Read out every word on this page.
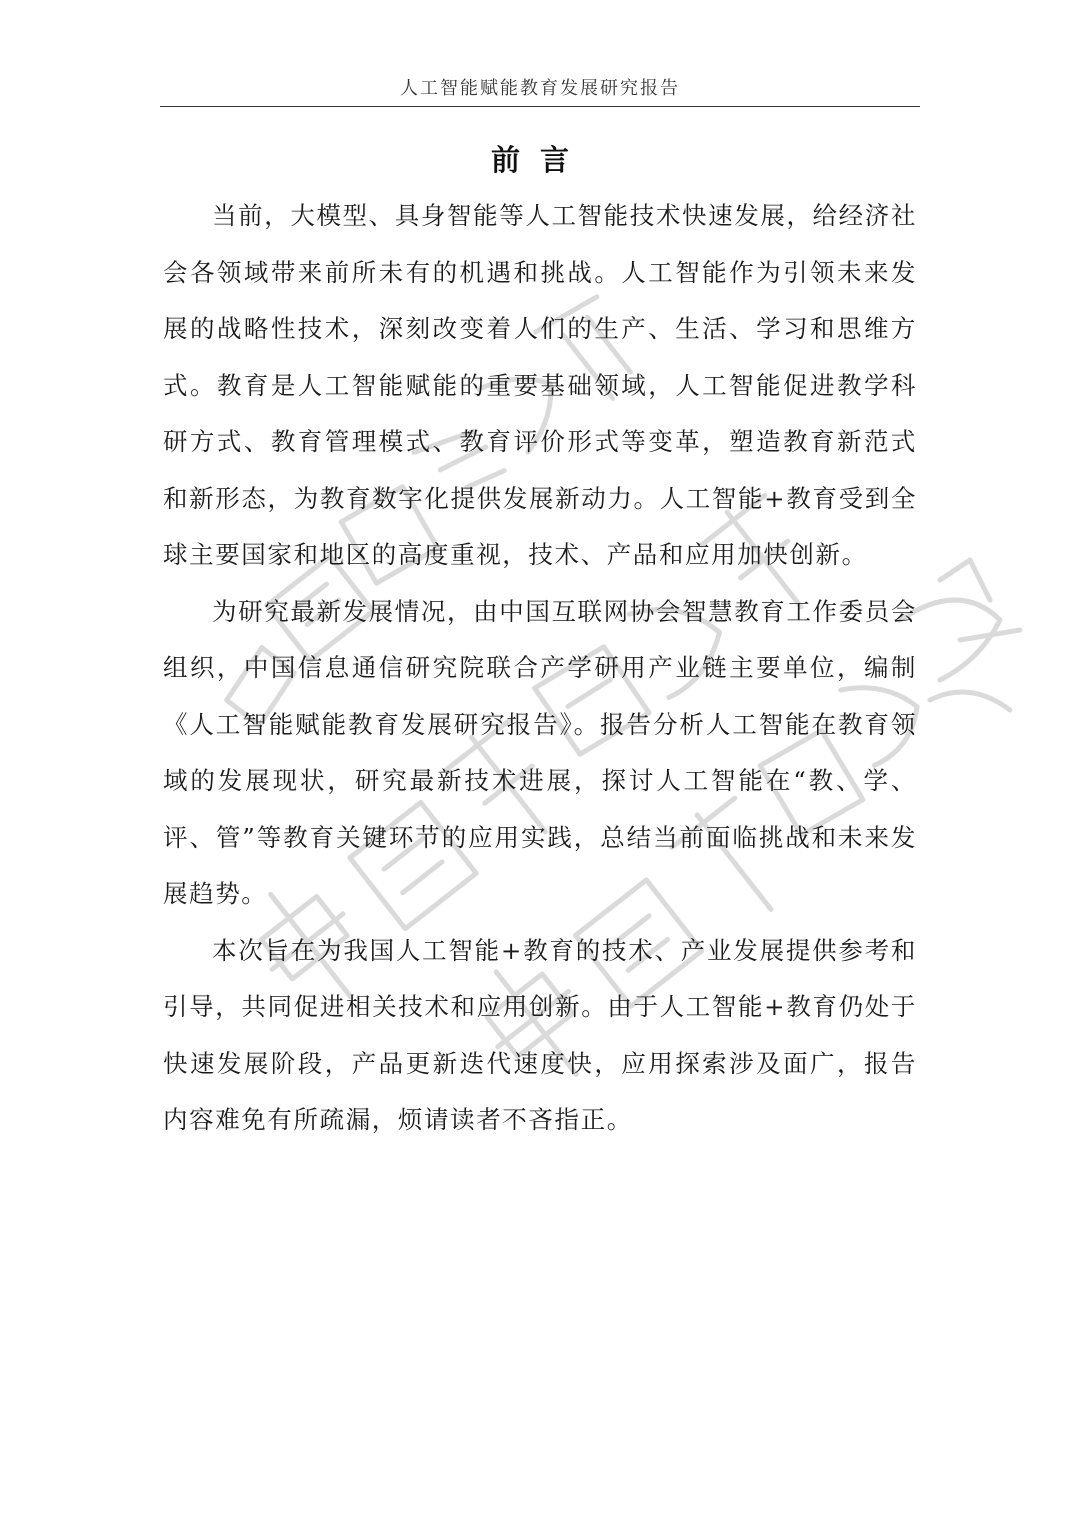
人工智能赋能教育发展研究报告
前言

当前，大模型、具身智能等人工智能技术快速发展，给经济社会各领域带来前所未有的机遇和挑战。人工智能作为引领未来发展的战略性技术，深刻改变着人们的生产、生活、学习和思维方式。教育是人工智能赋能的重要基础领域，人工智能促进教学科研方式、教育管理模式、教育评价形式等变革，塑造教育新范式和新形态，为教育数字化提供发展新动力。人工智能+教育受到全球主要国家和地区的高度重视，技术、产品和应用加快创新。

为研究最新发展情况，由中国互联网协会智慧教育工作委员会组织，中国信息通信研究院联合产学研用产业链主要单位，编制《人工智能赋能教育发展研究报告》。报告分析人工智能在教育领域的发展现状，研究最新技术进展，探讨人工智能在“教、学、评、管”等教育关键环节的应用实践，总结当前面临挑战和未来发展趋势。

本次旨在为我国人工智能+教育的技术、产业发展提供参考和引导，共同促进相关技术和应用创新。由于人工智能+教育仍处于快速发展阶段，产品更新迭代速度快，应用探索涉及面广，报告内容难免有所疏漏，烦请读者不吝指正。
